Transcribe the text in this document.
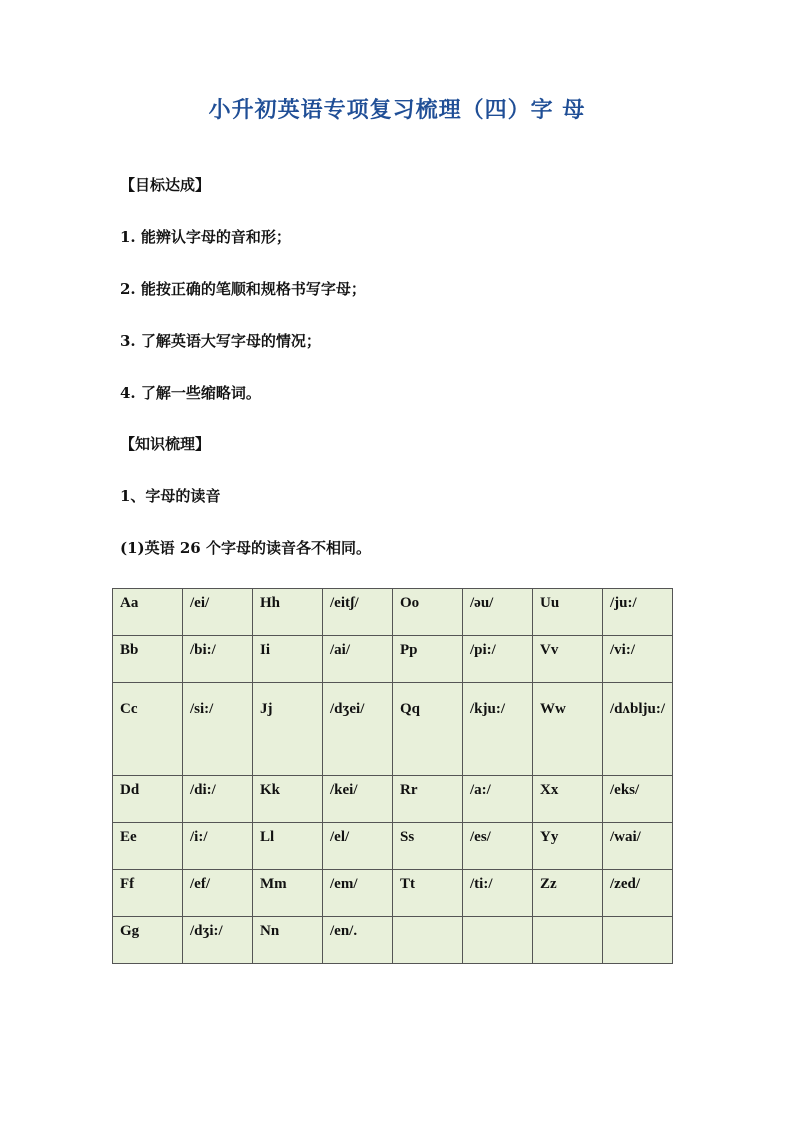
小升初英语专项复习梳理（四）字 母
【目标达成】
1. 能辨认字母的音和形；
2. 能按正确的笔顺和规格书写字母；
3. 了解英语大写字母的情况；
4. 了解一些缩略词。
【知识梳理】
1、字母的读音
(1)英语 26 个字母的读音各不相同。
Aa	/ei/	Hh	/eitʃ/	Oo	/əu/	Uu	/ju:/
Bb	/bi:/	Ii	/ai/	Pp	/pi:/	Vv	/vi:/
Cc	/si:/	Jj	/dʒei/	Qq	/kju:/	Ww	/dʌblju:/
Dd	/di:/	Kk	/kei/	Rr	/a:/	Xx	/eks/
Ee	/i:/	Ll	/el/	Ss	/es/	Yy	/wai/
Ff	/ef/	Mm	/em/	Tt	/ti:/	Zz	/zed/
Gg	/dʒi:/	Nn	/en/.				
